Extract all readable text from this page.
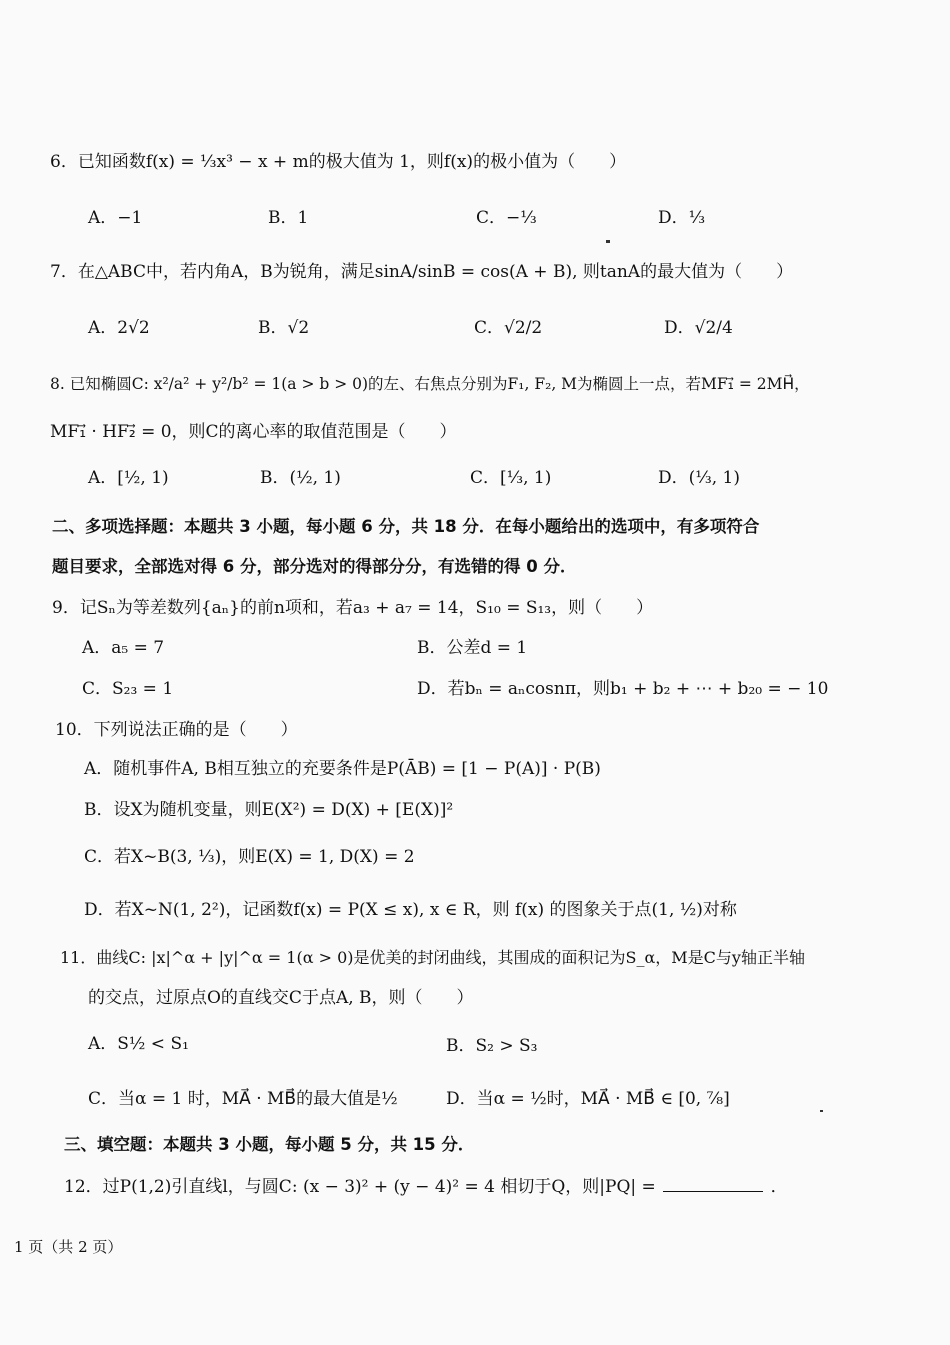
6．已知函数f(x) = ⅓x³ − x + m的极大值为 1，则f(x)的极小值为（　　）
A．−1	B．1	C．−⅓	D．⅓
7．在△ABC中，若内角A，B为锐角，满足sinA/sinB = cos(A + B), 则tanA的最大值为（　　）
A．2√2	B．√2	C．√2/2	D．√2/4
8. 已知椭圆C: x²/a² + y²/b² = 1(a > b > 0)的左、右焦点分别为F₁, F₂, M为椭圆上一点，若MF₁⃗ = 2MH⃗，
MF₁⃗ · HF₂⃗ = 0，则C的离心率的取值范围是（　　）
A．[½, 1)	B．(½, 1)	C．[⅓, 1)	D．(⅓, 1)
二、多项选择题：本题共 3 小题，每小题 6 分，共 18 分．在每小题给出的选项中，有多项符合
题目要求，全部选对得 6 分，部分选对的得部分分，有选错的得 0 分．
9．记Sₙ为等差数列{aₙ}的前n项和，若a₃ + a₇ = 14，S₁₀ = S₁₃，则（　　）
A．a₅ = 7	B．公差d = 1
C．S₂₃ = 1	D．若bₙ = aₙcosnπ，则b₁ + b₂ + ⋯ + b₂₀ = − 10
10．下列说法正确的是（　　）
A．随机事件A, B相互独立的充要条件是P(ĀB) = [1 − P(A)] · P(B)
B．设X为随机变量，则E(X²) = D(X) + [E(X)]²
C．若X~B(3, ⅓)，则E(X) = 1, D(X) = 2
D．若X~N(1, 2²)，记函数f(x) = P(X ≤ x), x ∈ R，则 f(x) 的图象关于点(1, ½)对称
11．曲线C: |x|^α + |y|^α = 1(α > 0)是优美的封闭曲线，其围成的面积记为S_α，M是C与y轴正半轴
的交点，过原点O的直线交C于点A, B，则（　　）
A．S½ < S₁	B．S₂ > S₃
C．当α = 1 时，MA⃗ · MB⃗的最大值是½	D．当α = ½时，MA⃗ · MB⃗ ∈ [0, ⅞]
三、填空题：本题共 3 小题，每小题 5 分，共 15 分．
12．过P(1,2)引直线l，与圆C: (x − 3)² + (y − 4)² = 4 相切于Q，则|PQ| =	．
1 页（共 2 页）
